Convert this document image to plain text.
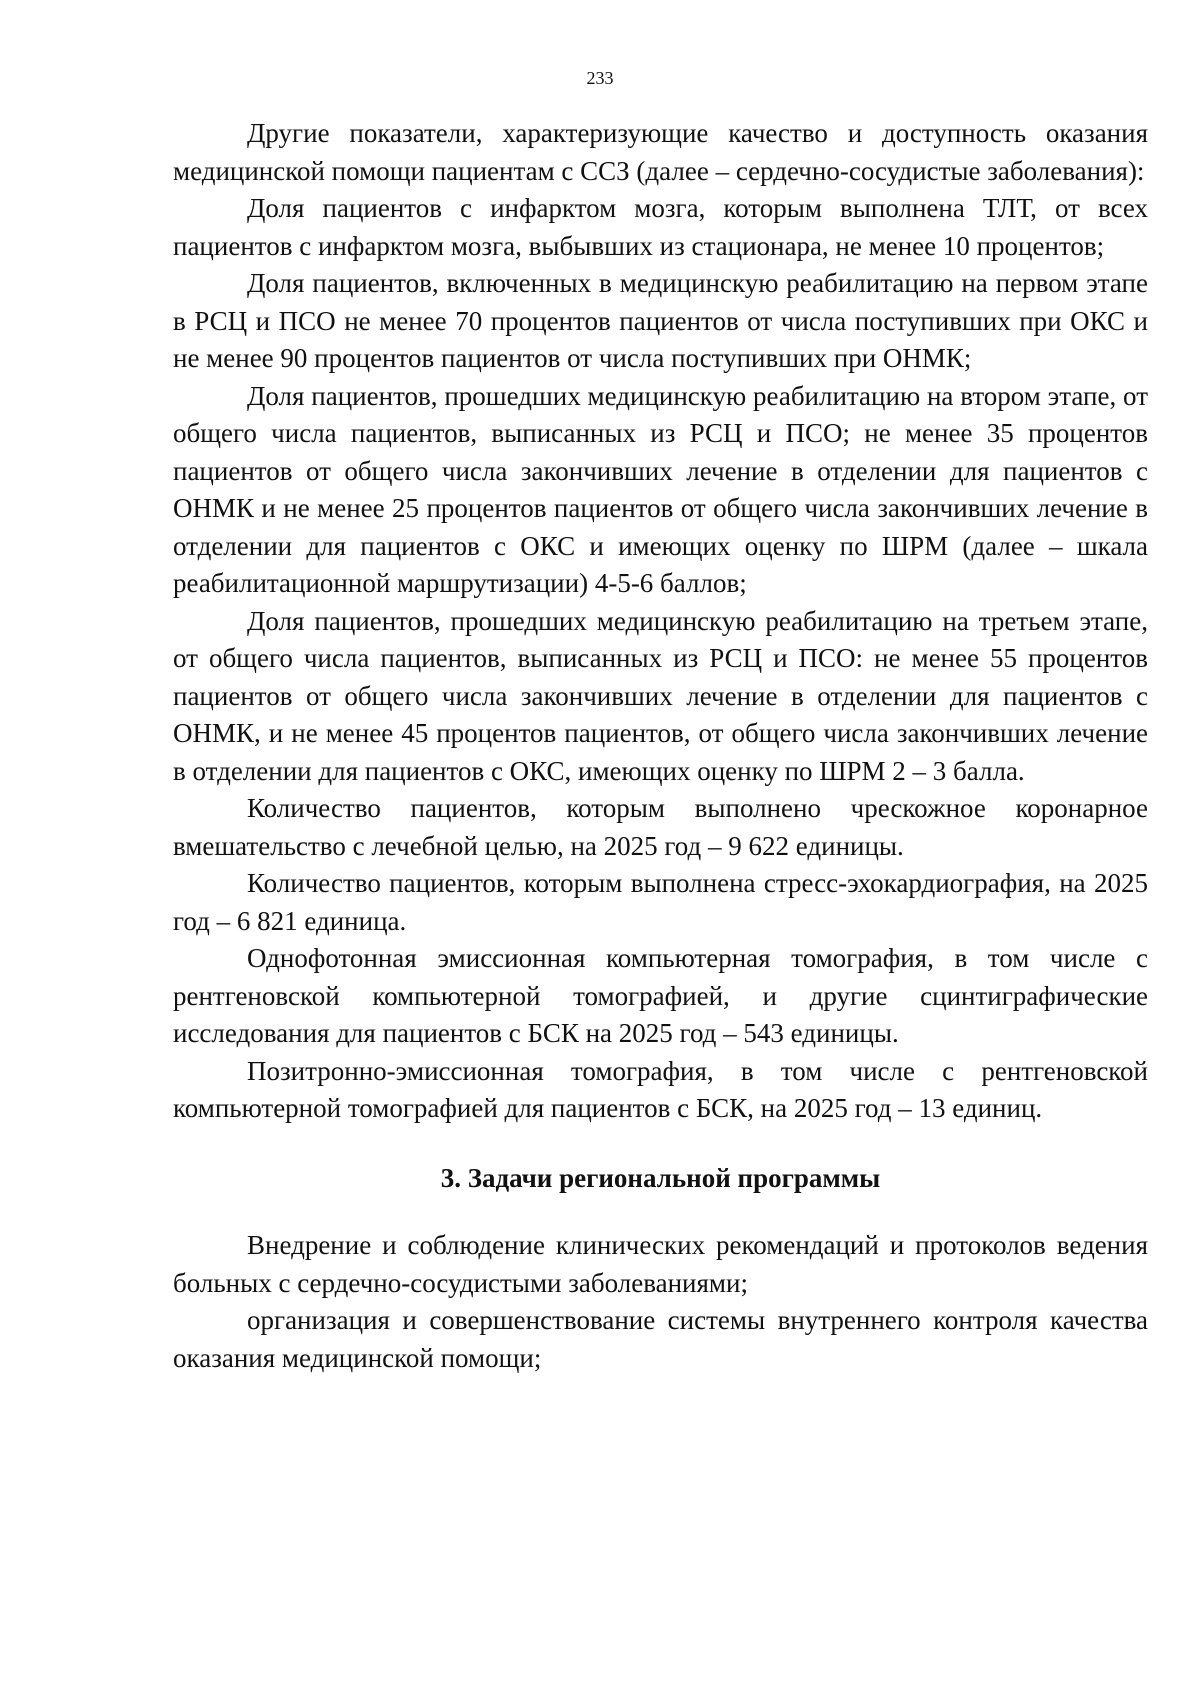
233

Другие показатели, характеризующие качество и доступность оказания медицинской помощи пациентам с ССЗ (далее – сердечно-сосудистые заболевания):

Доля пациентов с инфарктом мозга, которым выполнена ТЛТ, от всех пациентов с инфарктом мозга, выбывших из стационара, не менее 10 процентов;

Доля пациентов, включенных в медицинскую реабилитацию на первом этапе в РСЦ и ПСО не менее 70 процентов пациентов от числа поступивших при ОКС и не менее 90 процентов пациентов от числа поступивших при ОНМК;

Доля пациентов, прошедших медицинскую реабилитацию на втором этапе, от общего числа пациентов, выписанных из РСЦ и ПСО; не менее 35 процентов пациентов от общего числа закончивших лечение в отделении для пациентов с ОНМК и не менее 25 процентов пациентов от общего числа закончивших лечение в отделении для пациентов с ОКС и имеющих оценку по ШРМ (далее – шкала реабилитационной маршрутизации) 4-5-6 баллов;

Доля пациентов, прошедших медицинскую реабилитацию на третьем этапе, от общего числа пациентов, выписанных из РСЦ и ПСО: не менее 55 процентов пациентов от общего числа закончивших лечение в отделении для пациентов с ОНМК, и не менее 45 процентов пациентов, от общего числа закончивших лечение в отделении для пациентов с ОКС, имеющих оценку по ШРМ 2 – 3 балла.

Количество пациентов, которым выполнено чрескожное коронарное вмешательство с лечебной целью, на 2025 год – 9 622 единицы.

Количество пациентов, которым выполнена стресс-эхокардиография, на 2025 год – 6 821 единица.

Однофотонная эмиссионная компьютерная томография, в том числе с рентгеновской компьютерной томографией, и другие сцинтиграфические исследования для пациентов с БСК на 2025 год – 543 единицы.

Позитронно-эмиссионная томография, в том числе с рентгеновской компьютерной томографией для пациентов с БСК, на 2025 год – 13 единиц.

3. Задачи региональной программы

Внедрение и соблюдение клинических рекомендаций и протоколов ведения больных с сердечно-сосудистыми заболеваниями;

организация и совершенствование системы внутреннего контроля качества оказания медицинской помощи;
